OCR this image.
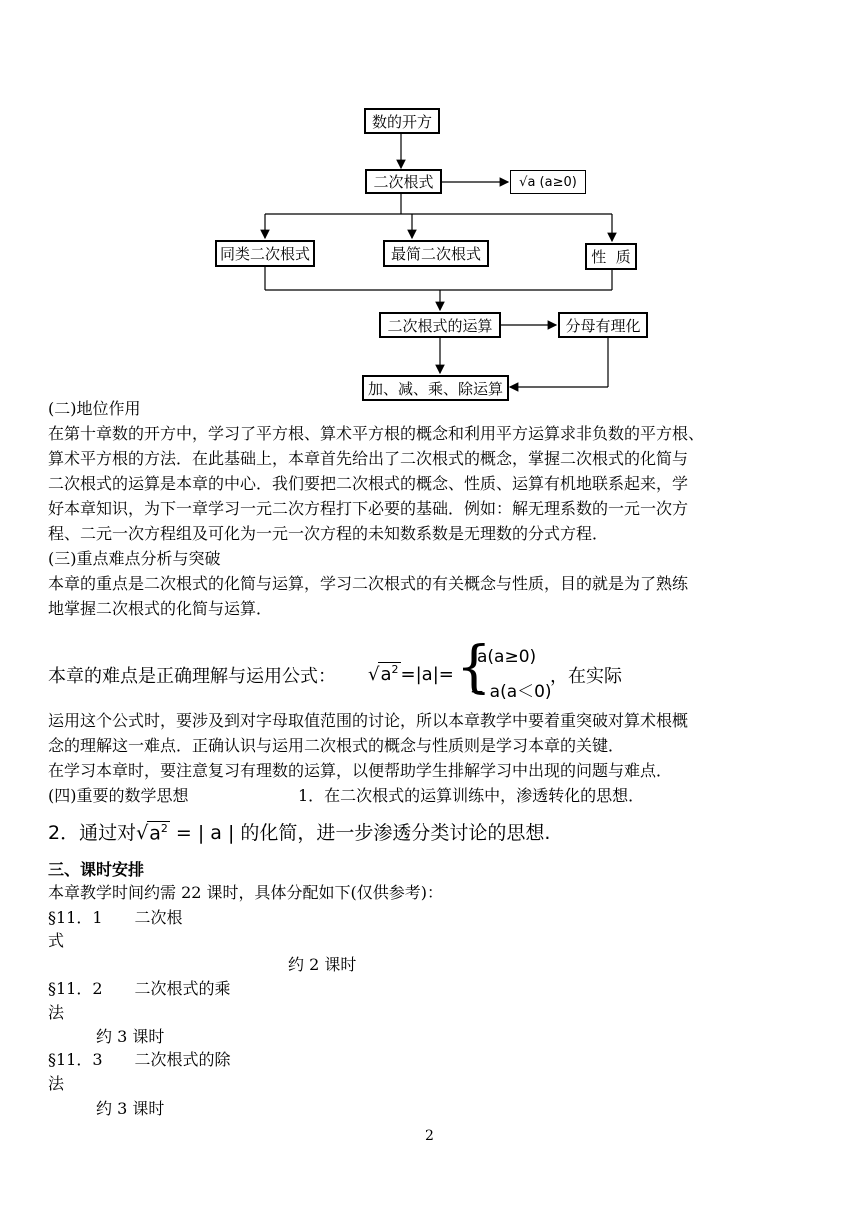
数的开方
二次根式	√a (a≥0)
同类二次根式	最简二次根式	性  质
二次根式的运算	分母有理化
加、减、乘、除运算
(二)地位作用
在第十章数的开方中，学习了平方根、算术平方根的概念和利用平方运算求非负数的平方根、
算术平方根的方法．在此基础上，本章首先给出了二次根式的概念，掌握二次根式的化简与
二次根式的运算是本章的中心．我们要把二次根式的概念、性质、运算有机地联系起来，学
好本章知识，为下一章学习一元二次方程打下必要的基础．例如：解无理系数的一元一次方
程、二元一次方程组及可化为一元一次方程的未知数系数是无理数的分式方程．
(三)重点难点分析与突破
本章的重点是二次根式的化简与运算，学习二次根式的有关概念与性质，目的就是为了熟练
地掌握二次根式的化简与运算．
本章的难点是正确理解与运用公式： $√a^2 =|a|=$ {
a(a≥0)
− a(a＜0)
，在实际
运用这个公式时，要涉及到对字母取值范围的讨论，所以本章教学中要着重突破对算术根概
念的理解这一难点．正确认识与运用二次根式的概念与性质则是学习本章的关键．
在学习本章时，要注意复习有理数的运算，以便帮助学生排解学习中出现的问题与难点．
(四)重要的数学思想	1．在二次根式的运算训练中，渗透转化的思想．
2．通过对$√a^2$ = | a | 的化简，进一步渗透分类讨论的思想.
三、课时安排
本章教学时间约需 22 课时，具体分配如下(仅供参考)：
§11．1　　二次根
式
约 2 课时
§11．2　　二次根式的乘
法
约 3 课时
§11．3　　二次根式的除
法
约 3 课时
2
